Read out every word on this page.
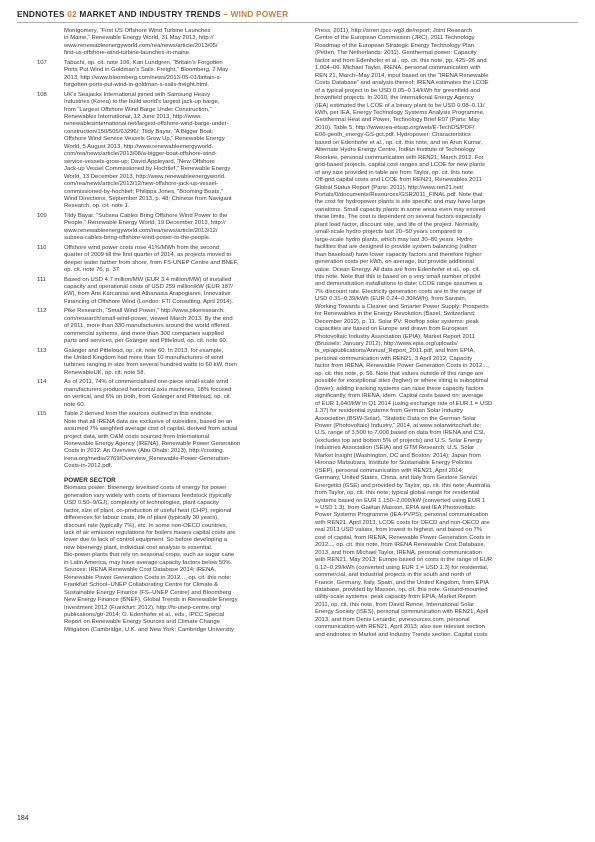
ENDNOTES 02 MARKET AND INDUSTRY TRENDS – WIND POWER
Montgomery, “First US Offshore Wind Turbine Launches
in Maine,” Renewable Energy World, 31 May 2013, http://
www.renewableenergyworld.com/rea/news/article/2013/05/
first-us-offshore-wind-turbine-launches-in-maine.
107	Tabuchi, op. cit. note 106; Kari Lundgren, “Britain’s Forgotten
Ports Put Wind in Goldman’s Sails: Freight,” Bloomberg, 2 May
2013, http://www.bloomberg.com/news/2013-05-01/britain-s-
forgotten-ports-put-wind-in-goldman-s-sails-freight.html.
108	UK’s Seajacks International joined with Samsung Heavy
Industries (Korea) to the build world’s largest jack-up barge,
from “Largest Offshore Wind Barge Under Construction,”
Renewables International, 12 June 2013, http://www.
renewablesinternational.net/largest-offshore-wind-barge-under-
construction/150/505/63296/; Tildy Bayar, “A Bigger Boat:
Offshore Wind Service Vessels Grow Up,” Renewable Energy
World, 5 August 2013, http://www.renewableenergyworld.
com/rea/news/article/2013/08/a-bigger-boat-offshore-wind-
service-vessels-grow-up; David Appleyard, “New Offshore
Jack-up Vessel Commissioned by Hochtief,” Renewable Energy
World, 13 December 2013, http://www.renewableenergyworld.
com/rea/news/article/2013/12/new-offshore-jack-up-vessel-
commissioned-by-hochtief; Philippa Jones, “Booming Boats,”
Wind Directions, September 2013, p. 48; Chinese from Navigant
Research, op. cit. note 1.
109	Tildy Bayar, “Subsea Cables Bring Offshore Wind Power to the
People,” Renewable Energy World, 19 December 2013, http://
www.renewableenergyworld.com/rea/news/article/2013/12/
subsea-cables-bring-offshore-wind-power-to-the-people.
110	Offshore wind power costs rose 41%/MWh from the second
quarter of 2009 till the first quarter of 2014, as projects moved to
deeper water farther from shore, from FS-UNEP Centre and BNEF,
op. cit. note 76, p. 37.
111	Based on USD 4.7 million/MW (EUR 3.4 million/MW) of installed
capacity and operational costs of USD 259 million/kW (EUR 187/
kW), from Aris Karcanias and Athanasia Arapogianni, Innovative
Financing of Offshore Wind (London: FTI Consulting, April 2014).
112	Pike Research, “Small Wind Power,” http://www.pikeresearch.
com/research/small-wind-power, viewed March 2013. By the end
of 2011, more than 330 manufacturers around the world offered
commercial systems, and more than 300 companies supplied
parts and services, per Gsänger and Pitteloud, op. cit. note 60.
113	Gsänger and Pitteloud, op. cit. note 60. In 2013, for example,
the United Kingdom had more than 10 manufacturers of wind
turbines ranging in size from several hundred watts to 60 kW, from
RenewableUK, op. cit. note 58.
114	As of 2011, 74% of commercialised one-piece small-scale wind
manufacturers produced horizontal axis machines, 18% focused
on vertical, and 6% on both, from Gsänger and Pitteloud, op. cit.
note 60.
115	Table 2 derived from the sources outlined in this endnote.
Note that all IRENA data are exclusive of subsidies, based on an
assumed 7% weighted average cost of capital, derived from actual
project data, with O&M costs sourced from International
Renewable Energy Agency (IRENA), Renewable Power Generation
Costs in 2012: An Overview (Abu Dhabi: 2013), http://costing.
irena.org/media/2769/Overview_Renewable-Power-Generation-
Costs-in-2012.pdf.
POWER SECTOR
Biomass power: Bioenergy levelised costs of energy for power
generation vary widely with costs of biomass feedstock (typically
USD 0.50–9/GJ), complexity of technologies, plant capacity
factor, size of plant, co-production of useful heat (CHP), regional
differences for labour costs, life of plant (typically 30 years),
discount rate (typically 7%), etc. In some non-OECD countries,
lack of air emission regulations for boilers means capital costs are
lower due to lack of control equipment. So before developing a
new bioenergy plant, individual cost analysis is essential.
Bio-power plants that rely on seasonal crops, such as sugar cane
in Latin America, may have average capacity factors below 50%.
Sources: IRENA Renewable Cost Database 2014; IRENA,
Renewable Power Generation Costs in 2012..., op. cit. this note;
Frankfurt School–UNEP Collaborating Centre for Climate &
Sustainable Energy Finance (FS–UNEP Centre) and Bloomberg
New Energy Finance (BNEF), Global Trends in Renewable Energy
Investment 2012 (Frankfurt: 2012), http://fs-unep-centre.org/
publications/gtr-2014; O. Edenhofer et al., eds., IPCC Special
Report on Renewable Energy Sources and Climate Change
Mitigation (Cambridge, U.K. and New York: Cambridge University
Press, 2011), http://srren.ipcc-wg3.de/report; Joint Research
Centre of the European Commission (JRC), 2011 Technology
Roadmap of the European Strategic Energy Technology Plan
(Petten, The Netherlands: 2011). Geothermal power: Capacity
factor and from Edenhofer et al., op. cit. this note, pp. 425–26 and
1,004–06. Michael Taylor, IRENA, personal communication with
REN 21, March–May 2014, input based on the “IRENA Renewable
Costs Database” and analysis thereof; IRENA estimates the LCOE
of a typical project to be USD 0.05–0.14/kWh for greenfield and
brownfield projects. In 2010, the International Energy Agency
(IEA) estimated the LCOE of a binary plant to be USD 0.08–0.11/
kWh, per IEA, Energy Technology Systems Analysis Programme,
Geothermal Heat and Power, Technology Brief E07 (Paris: May
2010), Table 5, http://www.iea-etsap.org/web/E-TechDS/PDF/
E06-geoth_energy-GS-gct.pdf. Hydropower: Characteristics
based on Edenhofer et al., op. cit. this note, and on Arun Kumar,
Alternate Hydro Energy Centre, Indian Institute of Technology
Roorkee, personal communication with REN21, March 2012. For
grid-based projects, capital cost ranges and LCOE for new plants
of any size provided in table are from Taylor, op. cit. this note.
Off-grid capital costs and LCOE from REN21, Renewables 2011
Global Status Report (Paris: 2011), http://www.ren21.net/
Portals/0/documents/Resources/GSR2011_FINAL.pdf. Note that
the cost for hydropower plants is site specific and may have large
variations. Small capacity plants in some areas even may exceed
these limits. The cost is dependent on several factors especially
plant load factor, discount rate, and life of the project. Normally,
small-scale hydro projects last 20–50 years compared to
large-scale hydro plants, which may last 30–80 years. Hydro
facilities that are designed to provide system balancing (rather
than baseload) have lower capacity factors and therefore higher
generation costs per kWh, on average, but provide additional
value. Ocean Energy: All data are from Edenhofer et al., op. cit.
this note. Note that this is based on a very small number of pilot
and demonstration installations to date; LCOE range assumes a
7% discount rate. Electricity generation costs are in the range of
USD 0.31–0.39/kWh (EUR 0.24–0.30/kWh), from Sarasin,
Working Towards a Cleaner and Smarter Power Supply: Prospects
for Renewables in the Energy Revolution (Basel, Switzerland:
December 2012), p. 11. Solar PV: Rooftop solar systems: peak
capacities are based on Europe and drawn from European
Photovoltaic Industry Association (EPIA), Market Report 2011
(Brussels: January 2012), http://www.epia.org/uploads/
tx_epiapublications/Annual_Report_2011.pdf, and from EPIA,
personal communication with REN21, 3 April 2012. Capacity
factor from IRENA, Renewable Power Generation Costs in 2012...,
op. cit. this note, p. 56. Note that values outside of this range are
possible for exceptional sites (higher) or where siting is suboptimal
(lower); adding tracking systems can raise these capacity factors
significantly, from IRENA, idem. Capital costs based on: average
of EUR 1,640/kW in Q1 2014 (using exchange rate of EUR 1 = USD
1.37) for residential systems from German Solar Industry
Association (BSW-Solar), “Statistic Data on the German Solar
Power (Photovoltaic) Industry,” 2014, at www.solarwirtschaft.de;
U.S. range of 3,500 to 7,000 based on data from IRENA and CSI,
(excludes top and bottom 5% of projects) and U.S. Solar Energy
Industries Association (SEIA) and GTM Research, U.S. Solar
Market Insight (Washington, DC and Boston: 2014); Japan from
Hironao Matsubara, Institute for Sustainable Energy Policies
(ISEP), personal communication with REN21, April 2014;
Germany, United States, China, and Italy from Gestore Servizi
Energetici (GSE) and provided by Taylor, op. cit. this note; Australia
from Taylor, op. cit. this note; typical global range for residential
systems based on EUR 1,150–2,000/kW (converted using EUR 1
= USD 1.3), from Gaëtan Masson, EPIA and IEA Photovoltaic
Power Systems Programme (IEA-PVPS), personal communication
with REN21, April 2013. LCOE costs for OECD and non-OECD are
real 2013 USD values, from lowest to highest, and based on 7%
cost of capital, from IRENA, Renewable Power Generation Costs in
2012..., op. cit. this note, from IRENA Renewable Cost Database,
2013, and from Michael Taylor, IRENA, personal communication
with REN21, May 2013; Europe based on costs in the range of EUR
0.12–0.29/kWh (converted using EUR 1 = USD 1.3) for residential,
commercial, and industrial projects in the south and north of
France, Germany, Italy, Spain, and the United Kingdom, from EPIA
database, provided by Masson, op. cit. this note. Ground-mounted
utility-scale systems: peak capacity from EPIA, Market Report
2011, op. cit. this note, from David Renne, International Solar
Energy Society (ISES), personal communication with REN21, April
2013, and from Denis Lenardic, pvresources.com, personal
communication with REN21, April 2013; also see relevant section
and endnotes in Market and Industry Trends section. Capital costs
184
